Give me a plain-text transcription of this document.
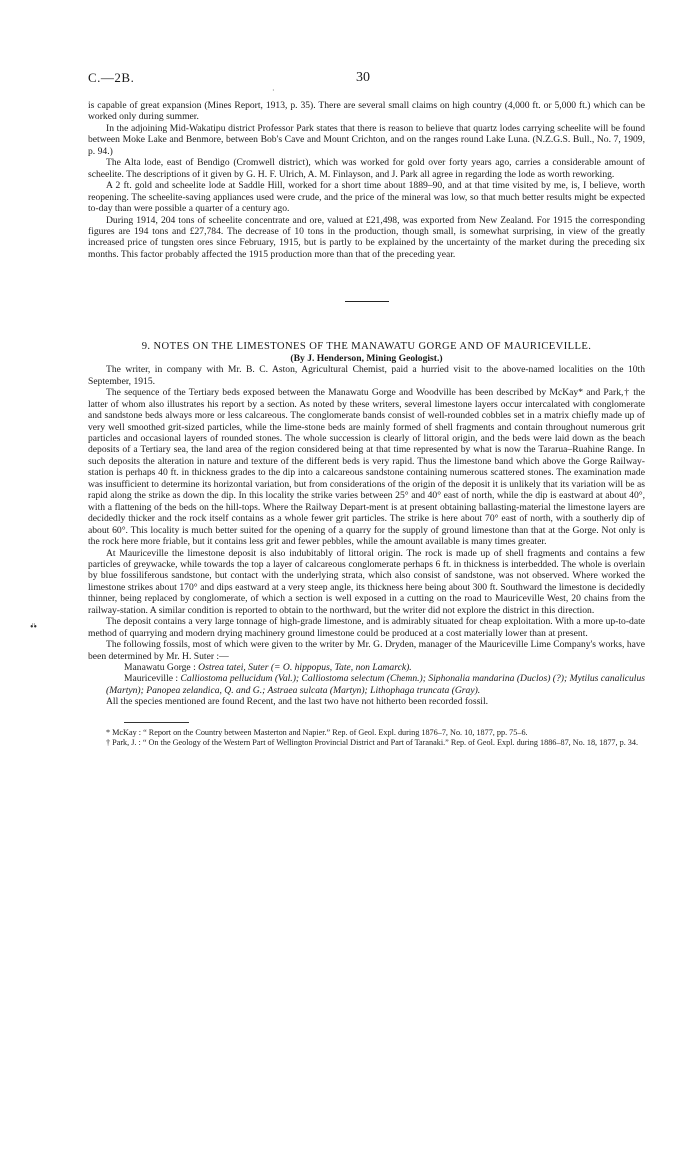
C.—2B.	30
·

is capable of great expansion (Mines Report, 1913, p. 35). There are several small claims on high country (4,000 ft. or 5,000 ft.) which can be worked only during summer.

In the adjoining Mid-Wakatipu district Professor Park states that there is reason to believe that quartz lodes carrying scheelite will be found between Moke Lake and Benmore, between Bob's Cave and Mount Crichton, and on the ranges round Lake Luna. (N.Z.G.S. Bull., No. 7, 1909, p. 94.)

The Alta lode, east of Bendigo (Cromwell district), which was worked for gold over forty years ago, carries a considerable amount of scheelite. The descriptions of it given by G. H. F. Ulrich, A. M. Finlayson, and J. Park all agree in regarding the lode as worth reworking.

A 2 ft. gold and scheelite lode at Saddle Hill, worked for a short time about 1889–90, and at that time visited by me, is, I believe, worth reopening. The scheelite-saving appliances used were crude, and the price of the mineral was low, so that much better results might be expected to-day than were possible a quarter of a century ago.

During 1914, 204 tons of scheelite concentrate and ore, valued at £21,498, was exported from New Zealand. For 1915 the corresponding figures are 194 tons and £27,784. The decrease of 10 tons in the production, though small, is somewhat surprising, in view of the greatly increased price of tungsten ores since February, 1915, but is partly to be explained by the uncertainty of the market during the preceding six months. This factor probably affected the 1915 production more than that of the preceding year.

9. NOTES ON THE LIMESTONES OF THE MANAWATU GORGE AND OF MAURICEVILLE.

(By J. Henderson, Mining Geologist.)

The writer, in company with Mr. B. C. Aston, Agricultural Chemist, paid a hurried visit to the above-named localities on the 10th September, 1915.

The sequence of the Tertiary beds exposed between the Manawatu Gorge and Woodville has been described by McKay* and Park,† the latter of whom also illustrates his report by a section. As noted by these writers, several limestone layers occur intercalated with conglomerate and sandstone beds always more or less calcareous. The conglomerate bands consist of well-rounded cobbles set in a matrix chiefly made up of very well smoothed grit-sized particles, while the lime-stone beds are mainly formed of shell fragments and contain throughout numerous grit particles and occasional layers of rounded stones. The whole succession is clearly of littoral origin, and the beds were laid down as the beach deposits of a Tertiary sea, the land area of the region considered being at that time represented by what is now the Tararua–Ruahine Range. In such deposits the alteration in nature and texture of the different beds is very rapid. Thus the limestone band which above the Gorge Railway-station is perhaps 40 ft. in thickness grades to the dip into a calcareous sandstone containing numerous scattered stones. The examination made was insufficient to determine its horizontal variation, but from considerations of the origin of the deposit it is unlikely that its variation will be as rapid along the strike as down the dip. In this locality the strike varies between 25° and 40° east of north, while the dip is eastward at about 40°, with a flattening of the beds on the hill-tops. Where the Railway Depart-ment is at present obtaining ballasting-material the limestone layers are decidedly thicker and the rock itself contains as a whole fewer grit particles. The strike is here about 70° east of north, with a southerly dip of about 60°. This locality is much better suited for the opening of a quarry for the supply of ground limestone than that at the Gorge. Not only is the rock here more friable, but it contains less grit and fewer pebbles, while the amount available is many times greater.

At Mauriceville the limestone deposit is also indubitably of littoral origin. The rock is made up of shell fragments and contains a few particles of greywacke, while towards the top a layer of calcareous conglomerate perhaps 6 ft. in thickness is interbedded. The whole is overlain by blue fossiliferous sandstone, but contact with the underlying strata, which also consist of sandstone, was not observed. Where worked the limestone strikes about 170° and dips eastward at a very steep angle, its thickness here being about 300 ft. Southward the limestone is decidedly thinner, being replaced by conglomerate, of which a section is well exposed in a cutting on the road to Mauriceville West, 20 chains from the railway-station. A similar condition is reported to obtain to the northward, but the writer did not explore the district in this direction.

The deposit contains a very large tonnage of high-grade limestone, and is admirably situated for cheap exploitation. With a more up-to-date method of quarrying and modern drying machinery ground limestone could be produced at a cost materially lower than at present.

The following fossils, most of which were given to the writer by Mr. G. Dryden, manager of the Mauriceville Lime Company's works, have been determined by Mr. H. Suter :—

Manawatu Gorge : Ostrea tatei, Suter (= O. hippopus, Tate, non Lamarck).

Mauriceville : Calliostoma pellucidum (Val.); Calliostoma selectum (Chemn.); Siphonalia mandarina (Duclos) (?); Mytilus canaliculus (Martyn); Panopea zelandica, Q. and G.; Astraea sulcata (Martyn); Lithophaga truncata (Gray).

All the species mentioned are found Recent, and the last two have not hitherto been recorded fossil.

* McKay : “ Report on the Country between Masterton and Napier.” Rep. of Geol. Expl. during 1876–7, No. 10, 1877, pp. 75–6.

† Park, J. : “ On the Geology of the Western Part of Wellington Provincial District and Part of Taranaki.” Rep. of Geol. Expl. during 1886–87, No. 18, 1877, p. 34.

•̈•
